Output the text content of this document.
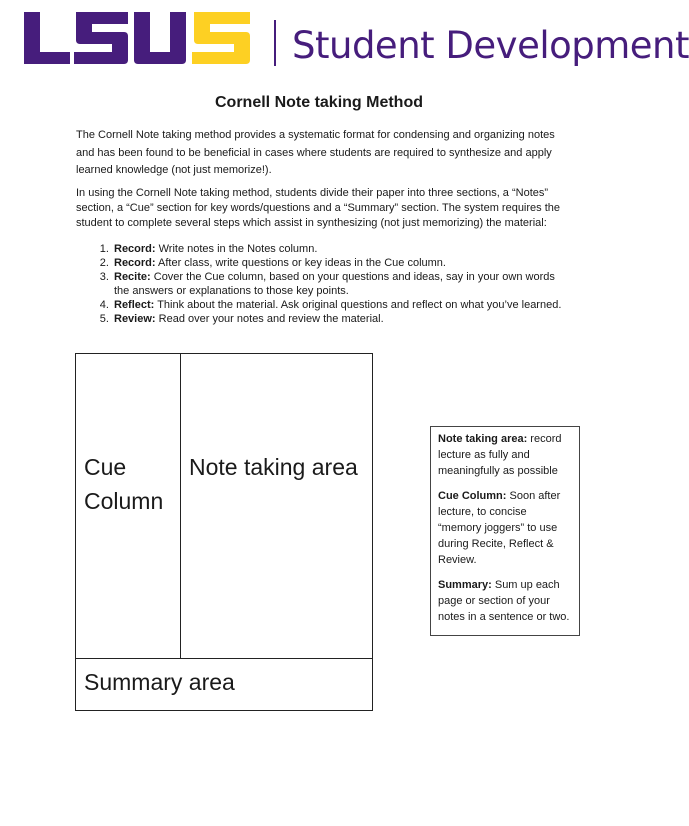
Student Development
Cornell Note taking Method

The Cornell Note taking method provides a systematic format for condensing and organizing notes and has been found to be beneficial in cases where students are required to synthesize and apply learned knowledge (not just memorize!).

In using the Cornell Note taking method, students divide their paper into three sections, a “Notes” section, a “Cue” section for key words/questions and a “Summary” section. The system requires the student to complete several steps which assist in synthesizing (not just memorizing) the material:

1. Record: Write notes in the Notes column.
2. Record: After class, write questions or key ideas in the Cue column.
3. Recite: Cover the Cue column, based on your questions and ideas, say in your own words the answers or explanations to those key points.
4. Reflect: Think about the material. Ask original questions and reflect on what you’ve learned.
5. Review: Read over your notes and review the material.
Cue Column
Note taking area
Summary area

Note taking area: record lecture as fully and meaningfully as possible

Cue Column: Soon after lecture, to concise “memory joggers” to use during Recite, Reflect & Review.

Summary: Sum up each page or section of your notes in a sentence or two.
